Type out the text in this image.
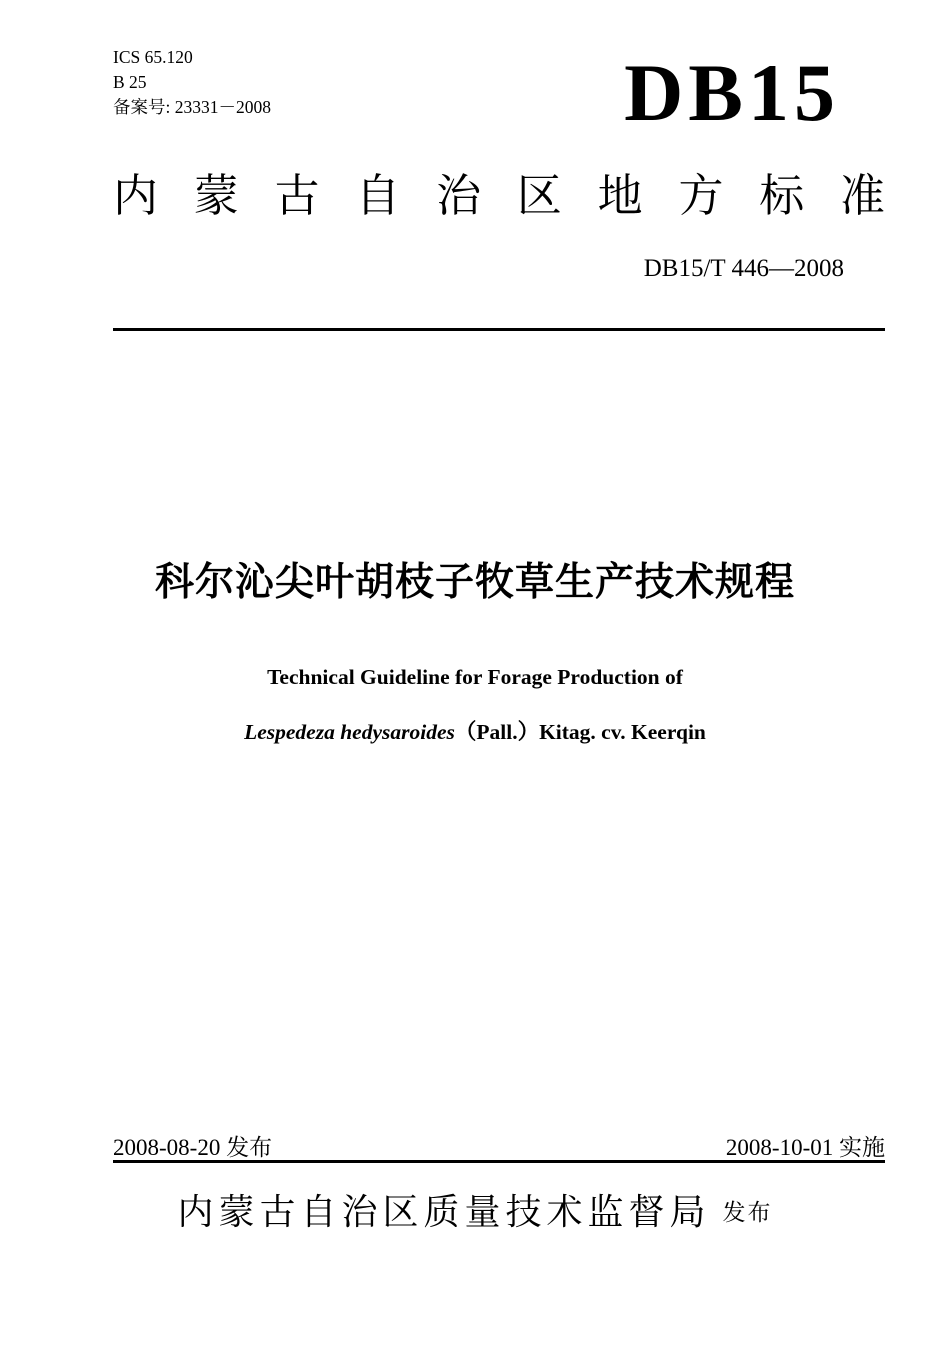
ICS 65.120
B 25
备案号: 23331－2008	DB15
内 蒙 古 自 治 区 地 方 标 准
DB15/T 446—2008
科尔沁尖叶胡枝子牧草生产技术规程

Technical Guideline for Forage Production of

Lespedeza hedysaroides（Pall.）Kitag. cv. Keerqin

2008-08-20 发布	2008-10-01 实施
内蒙古自治区质量技术监督局 发布
